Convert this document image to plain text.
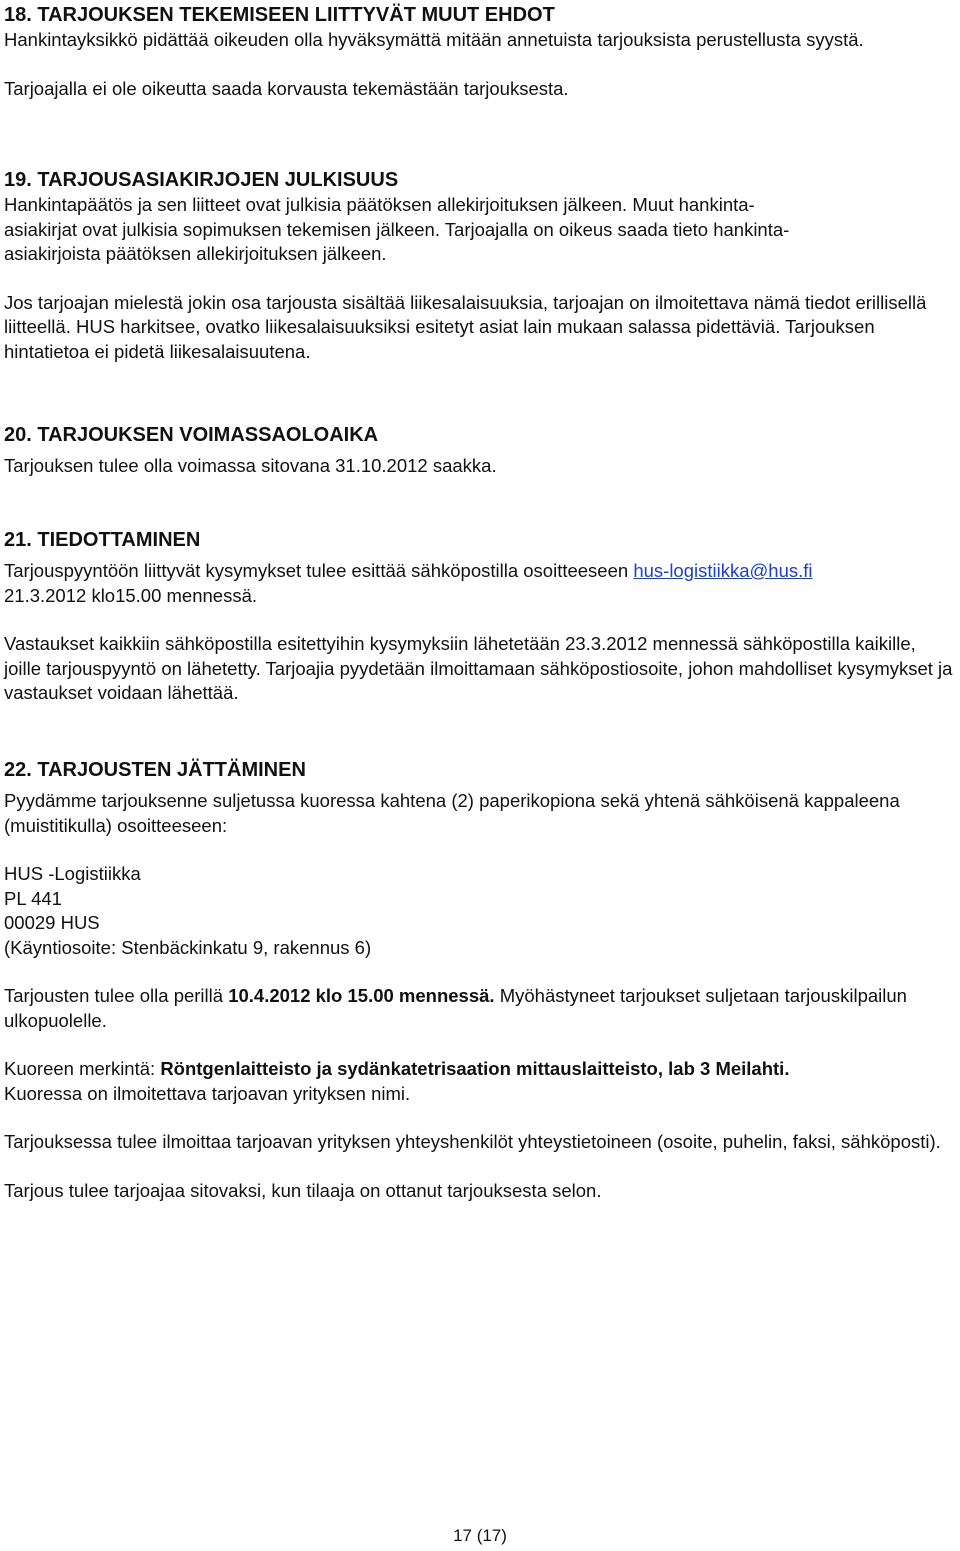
18. TARJOUKSEN TEKEMISEEN LIITTYVÄT MUUT EHDOT

Hankintayksikkö pidättää oikeuden olla hyväksymättä mitään annetuista tarjouksista perustellusta syystä.

Tarjoajalla ei ole oikeutta saada korvausta tekemästään tarjouksesta.

19. TARJOUSASIAKIRJOJEN JULKISUUS

Hankintapäätös ja sen liitteet ovat julkisia päätöksen allekirjoituksen jälkeen. Muut hankinta-
asiakirjat ovat julkisia sopimuksen tekemisen jälkeen. Tarjoajalla on oikeus saada tieto hankinta-
asiakirjoista päätöksen allekirjoituksen jälkeen.

Jos tarjoajan mielestä jokin osa tarjousta sisältää liikesalaisuuksia, tarjoajan on ilmoitettava nämä tiedot erillisellä liitteellä. HUS harkitsee, ovatko liikesalaisuuksiksi esitetyt asiat lain mukaan salassa pidettäviä. Tarjouksen hintatietoa ei pidetä liikesalaisuutena.

20. TARJOUKSEN VOIMASSAOLOAIKA

Tarjouksen tulee olla voimassa sitovana 31.10.2012 saakka.

21. TIEDOTTAMINEN

Tarjouspyyntöön liittyvät kysymykset tulee esittää sähköpostilla osoitteeseen hus-logistiikka@hus.fi
21.3.2012 klo15.00 mennessä.

Vastaukset kaikkiin sähköpostilla esitettyihin kysymyksiin lähetetään 23.3.2012 mennessä sähköpostilla kaikille, joille tarjouspyyntö on lähetetty. Tarjoajia pyydetään ilmoittamaan sähköpostiosoite, johon mahdolliset kysymykset ja vastaukset voidaan lähettää.

22. TARJOUSTEN JÄTTÄMINEN

Pyydämme tarjouksenne suljetussa kuoressa kahtena (2) paperikopiona sekä yhtenä sähköisenä kappaleena (muistitikulla) osoitteeseen:

HUS -Logistiikka
PL 441
00029 HUS
(Käyntiosoite: Stenbäckinkatu 9, rakennus 6)

Tarjousten tulee olla perillä 10.4.2012 klo 15.00 mennessä. Myöhästyneet tarjoukset suljetaan tarjouskilpailun ulkopuolelle.

Kuoreen merkintä: Röntgenlaitteisto ja sydänkatetrisaation mittauslaitteisto, lab 3 Meilahti.
Kuoressa on ilmoitettava tarjoavan yrityksen nimi.

Tarjouksessa tulee ilmoittaa tarjoavan yrityksen yhteyshenkilöt yhteystietoineen (osoite, puhelin, faksi, sähköposti).

Tarjous tulee tarjoajaa sitovaksi, kun tilaaja on ottanut tarjouksesta selon.

17 (17)
